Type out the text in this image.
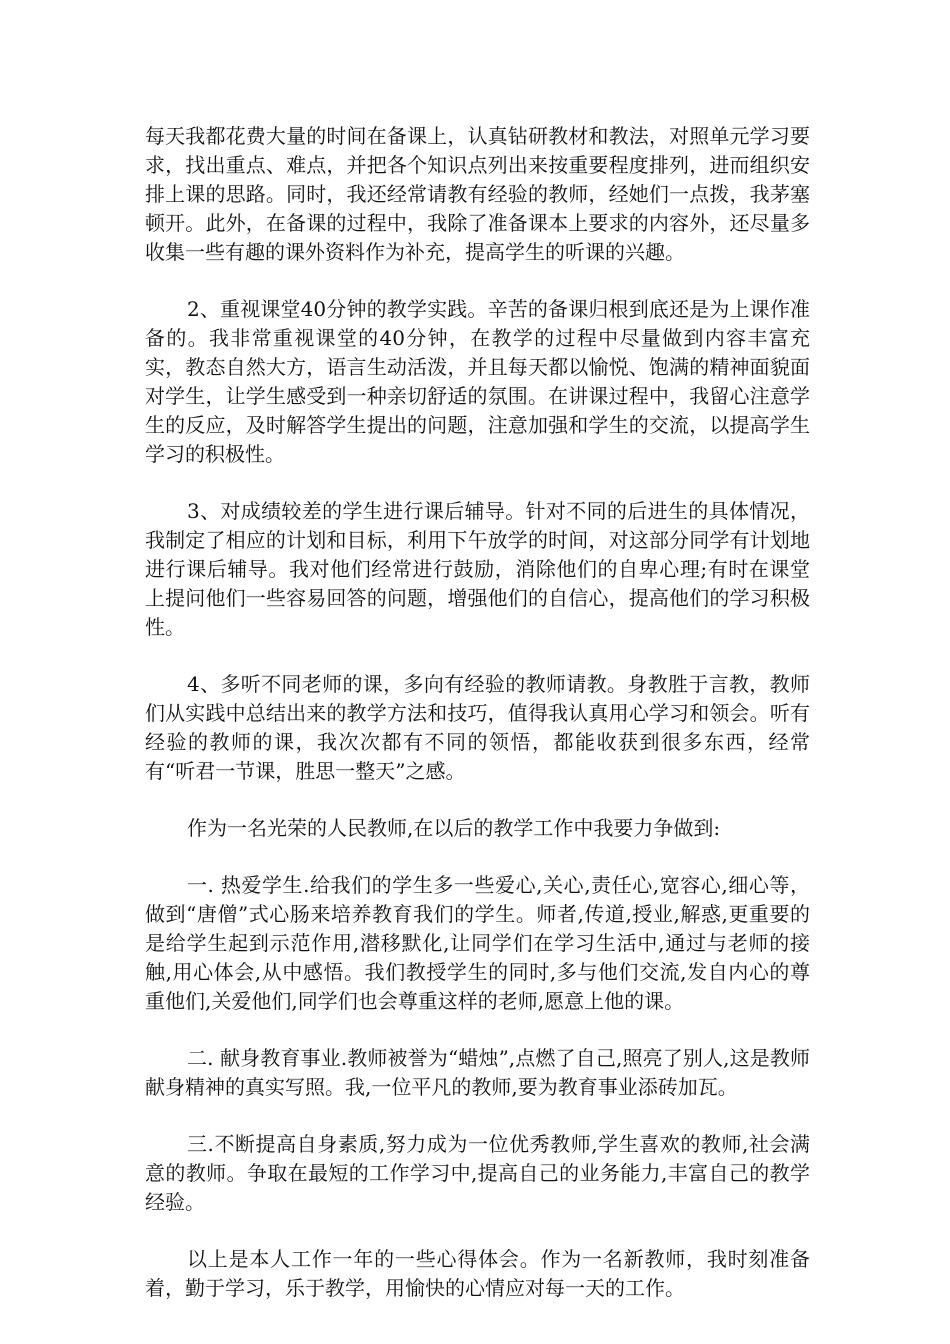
每天我都花费大量的时间在备课上，认真钻研教材和教法，对照单元学习要求，找出重点、难点，并把各个知识点列出来按重要程度排列，进而组织安排上课的思路。同时，我还经常请教有经验的教师，经她们一点拨，我茅塞顿开。此外，在备课的过程中，我除了准备课本上要求的内容外，还尽量多收集一些有趣的课外资料作为补充，提高学生的听课的兴趣。

2、重视课堂40分钟的教学实践。辛苦的备课归根到底还是为上课作准备的。我非常重视课堂的40分钟，在教学的过程中尽量做到内容丰富充实，教态自然大方，语言生动活泼，并且每天都以愉悦、饱满的精神面貌面对学生，让学生感受到一种亲切舒适的氛围。在讲课过程中，我留心注意学生的反应，及时解答学生提出的问题，注意加强和学生的交流，以提高学生学习的积极性。

3、对成绩较差的学生进行课后辅导。针对不同的后进生的具体情况，我制定了相应的计划和目标，利用下午放学的时间，对这部分同学有计划地进行课后辅导。我对他们经常进行鼓励，消除他们的自卑心理;有时在课堂上提问他们一些容易回答的问题，增强他们的自信心，提高他们的学习积极性。

4、多听不同老师的课，多向有经验的教师请教。身教胜于言教，教师们从实践中总结出来的教学方法和技巧，值得我认真用心学习和领会。听有经验的教师的课，我次次都有不同的领悟，都能收获到很多东西，经常有“听君一节课，胜思一整天”之感。

作为一名光荣的人民教师,在以后的教学工作中我要力争做到:

一. 热爱学生.给我们的学生多一些爱心,关心,责任心,宽容心,细心等，做到“唐僧”式心肠来培养教育我们的学生。师者,传道,授业,解惑,更重要的是给学生起到示范作用,潜移默化,让同学们在学习生活中,通过与老师的接触,用心体会,从中感悟。我们教授学生的同时,多与他们交流,发自内心的尊重他们,关爱他们,同学们也会尊重这样的老师,愿意上他的课。

二. 献身教育事业.教师被誉为“蜡烛”,点燃了自己,照亮了别人,这是教师献身精神的真实写照。我,一位平凡的教师,要为教育事业添砖加瓦。

三.不断提高自身素质,努力成为一位优秀教师,学生喜欢的教师,社会满意的教师。争取在最短的工作学习中,提高自己的业务能力,丰富自己的教学经验。

以上是本人工作一年的一些心得体会。作为一名新教师，我时刻准备着，勤于学习，乐于教学，用愉快的心情应对每一天的工作。
